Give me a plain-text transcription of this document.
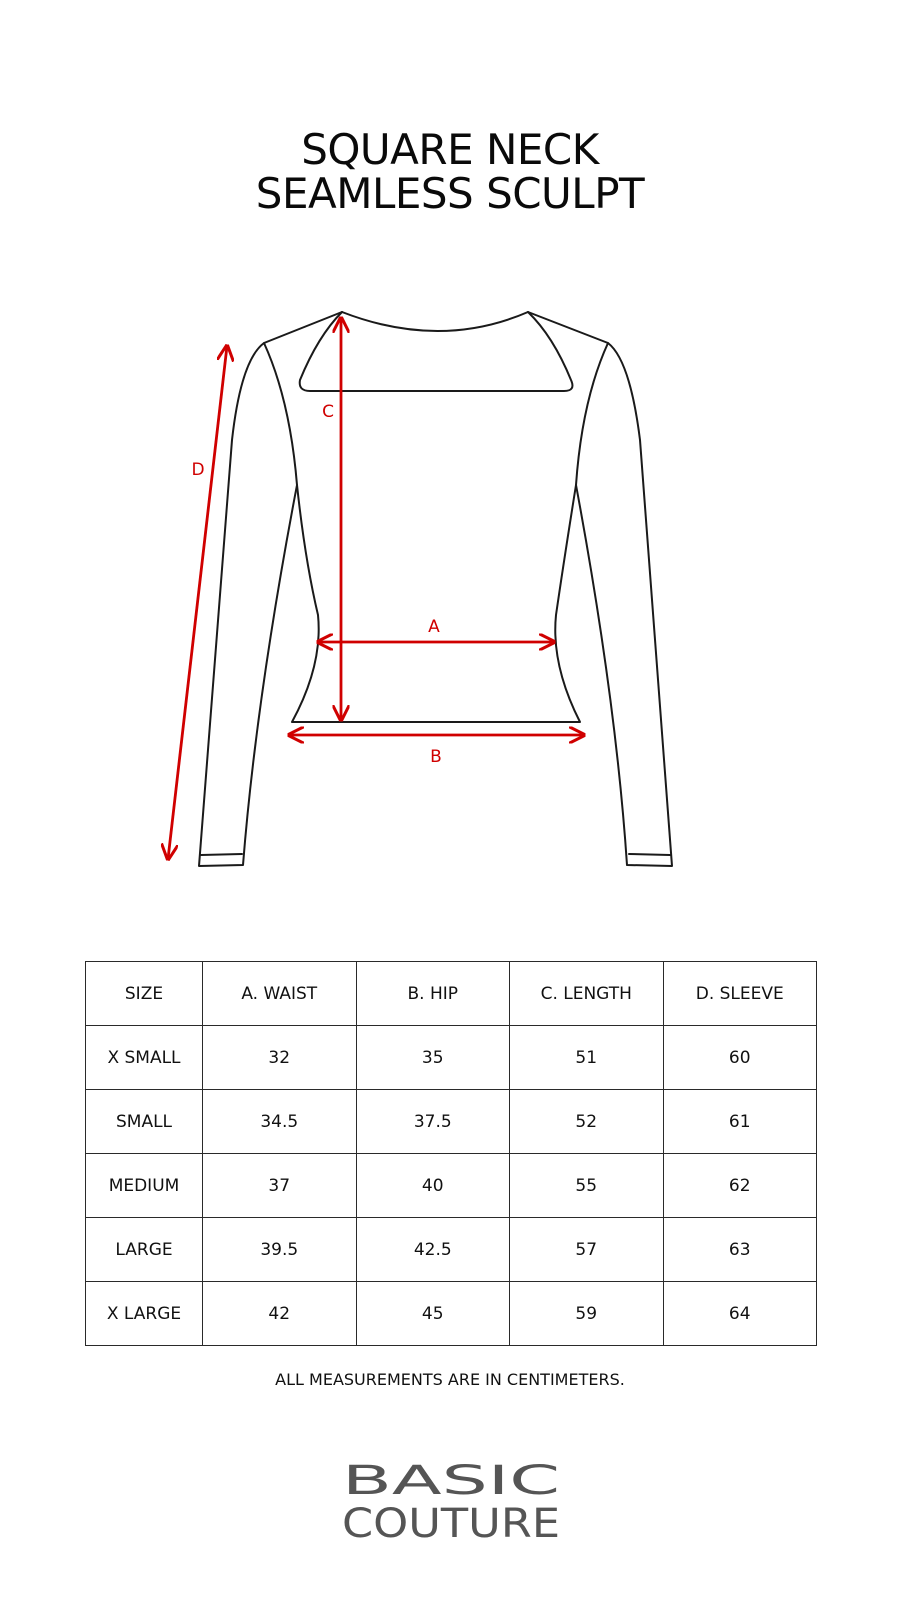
SQUARE NECK
SEAMLESS SCULPT
C
D
A
B
SIZE	A. WAIST	B. HIP	C. LENGTH	D. SLEEVE
X SMALL	32	35	51	60
SMALL	34.5	37.5	52	61
MEDIUM	37	40	55	62
LARGE	39.5	42.5	57	63
X LARGE	42	45	59	64
ALL MEASUREMENTS ARE IN CENTIMETERS.
BASIC
COUTURE
